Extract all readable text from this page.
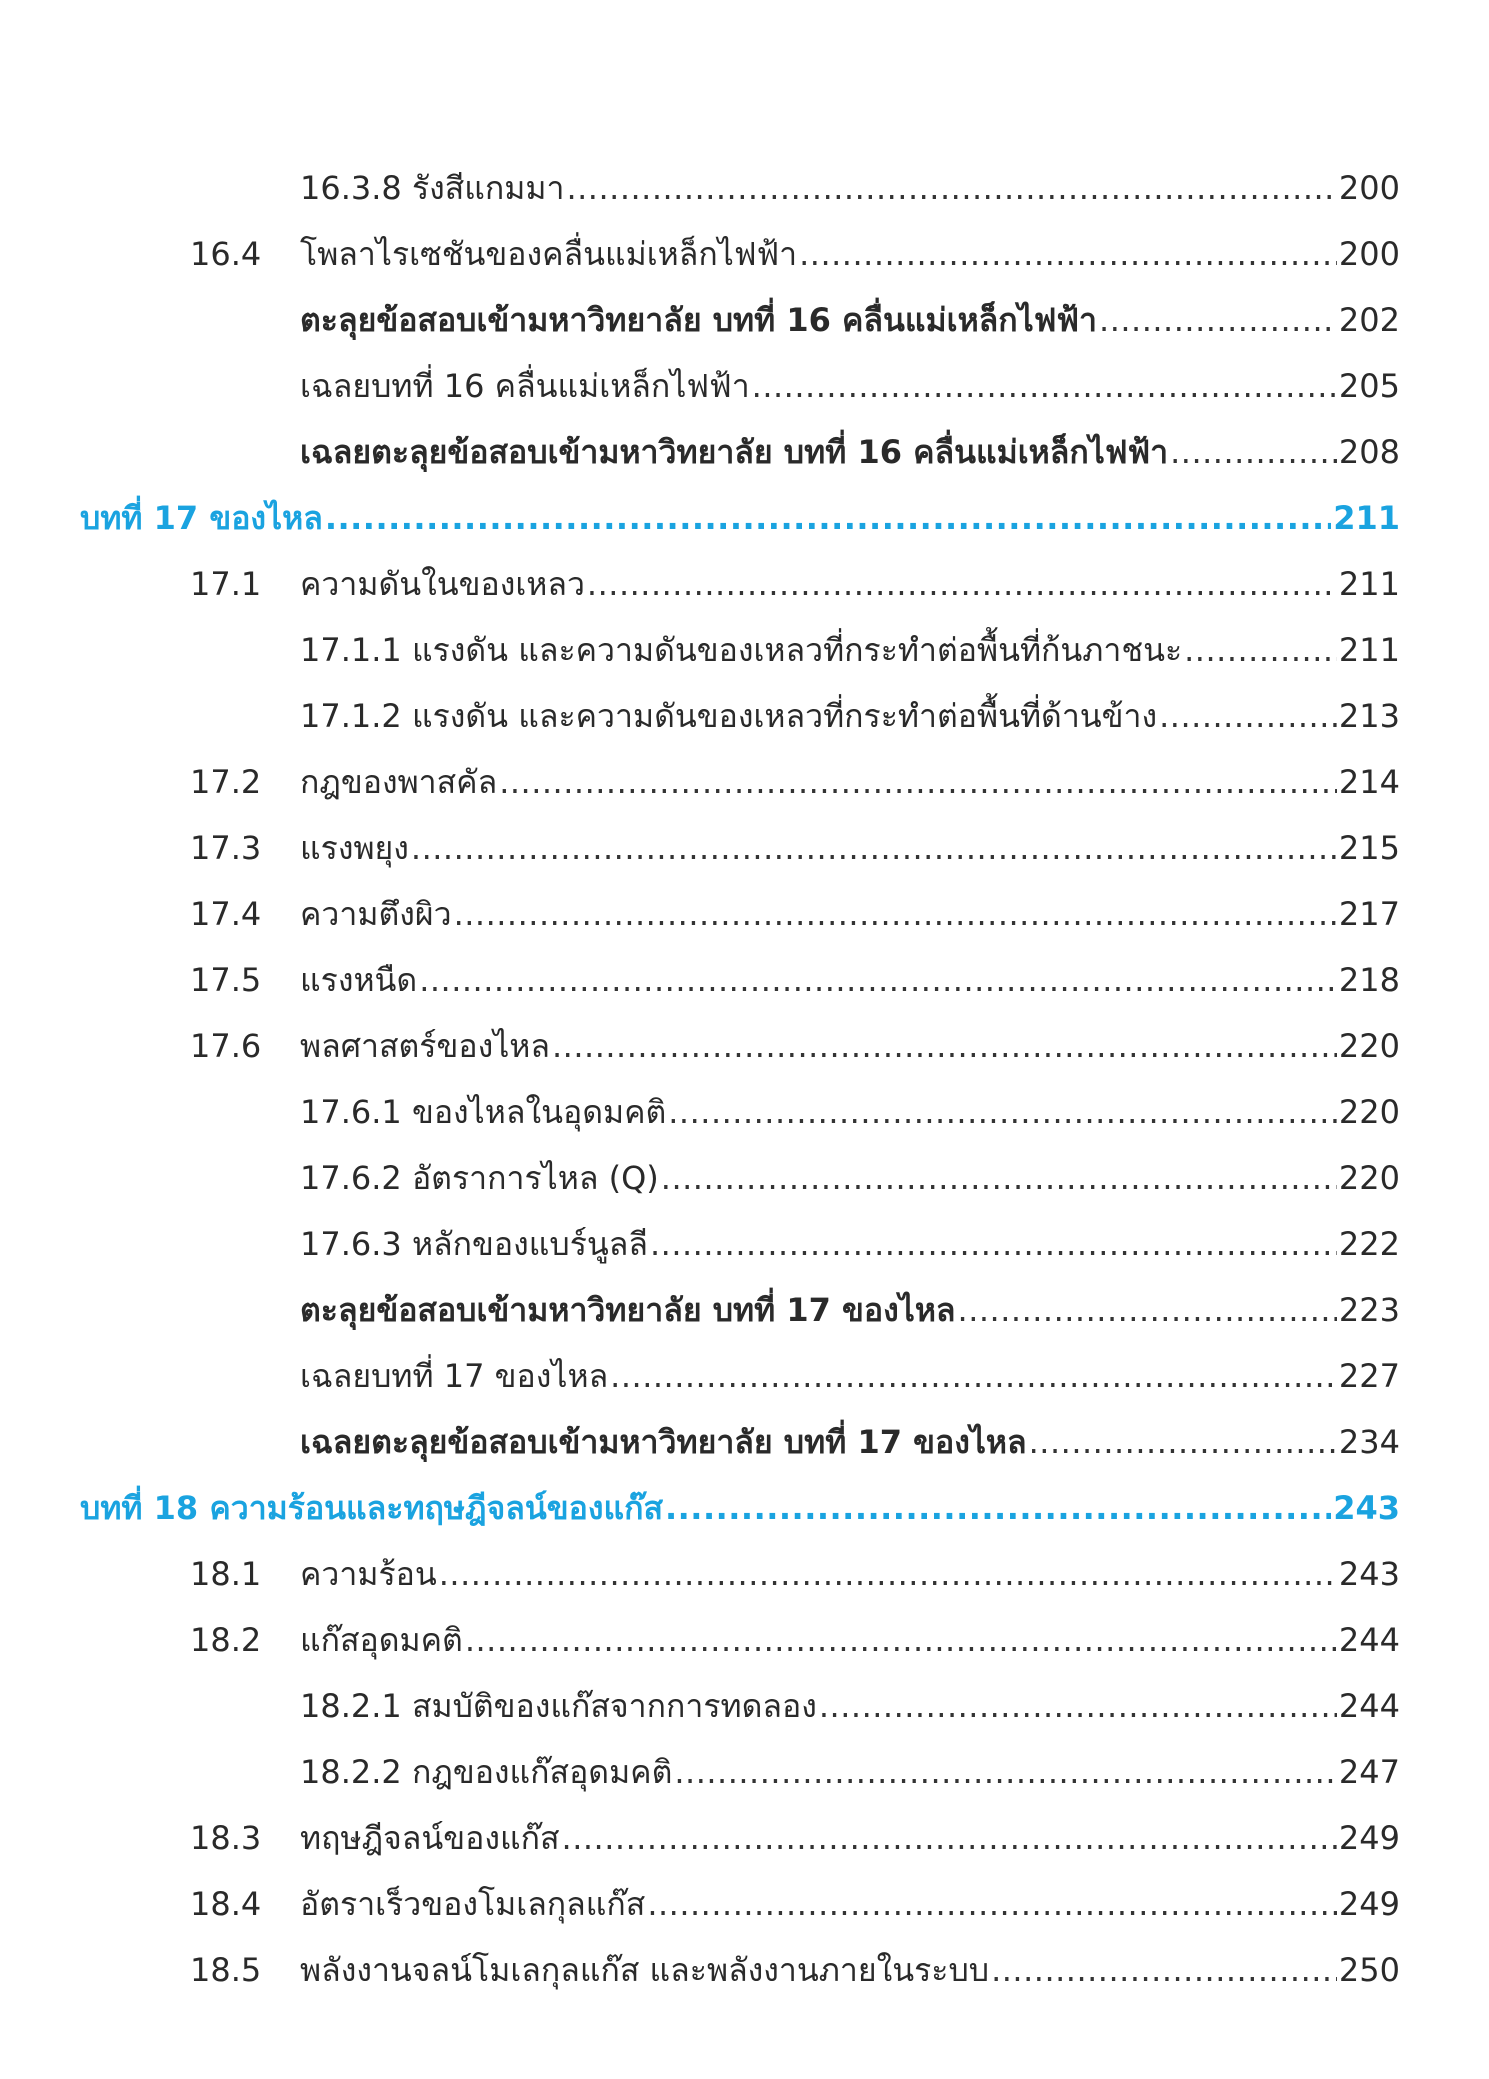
16.3.8 รังสีแกมมา .....	200
16.4 โพลาไรเซชันของคลื่นแม่เหล็กไฟฟ้า .....	200
ตะลุยข้อสอบเข้ามหาวิทยาลัย บทที่ 16 คลื่นแม่เหล็กไฟฟ้า .....	202
เฉลยบทที่ 16 คลื่นแม่เหล็กไฟฟ้า .....	205
เฉลยตะลุยข้อสอบเข้ามหาวิทยาลัย บทที่ 16 คลื่นแม่เหล็กไฟฟ้า .....	208
บทที่ 17 ของไหล .....	211
17.1 ความดันในของเหลว .....	211
17.1.1 แรงดัน และความดันของเหลวที่กระทำต่อพื้นที่ก้นภาชนะ .....	211
17.1.2 แรงดัน และความดันของเหลวที่กระทำต่อพื้นที่ด้านข้าง .....	213
17.2 กฎของพาสคัล .....	214
17.3 แรงพยุง .....	215
17.4 ความตึงผิว .....	217
17.5 แรงหนืด .....	218
17.6 พลศาสตร์ของไหล .....	220
17.6.1 ของไหลในอุดมคติ .....	220
17.6.2 อัตราการไหล (Q) .....	220
17.6.3 หลักของแบร์นูลลี .....	222
ตะลุยข้อสอบเข้ามหาวิทยาลัย บทที่ 17 ของไหล .....	223
เฉลยบทที่ 17 ของไหล .....	227
เฉลยตะลุยข้อสอบเข้ามหาวิทยาลัย บทที่ 17 ของไหล .....	234
บทที่ 18 ความร้อนและทฤษฎีจลน์ของแก๊ส .....	243
18.1 ความร้อน .....	243
18.2 แก๊สอุดมคติ .....	244
18.2.1 สมบัติของแก๊สจากการทดลอง .....	244
18.2.2 กฎของแก๊สอุดมคติ .....	247
18.3 ทฤษฎีจลน์ของแก๊ส .....	249
18.4 อัตราเร็วของโมเลกุลแก๊ส .....	249
18.5 พลังงานจลน์โมเลกุลแก๊ส และพลังงานภายในระบบ .....	250
